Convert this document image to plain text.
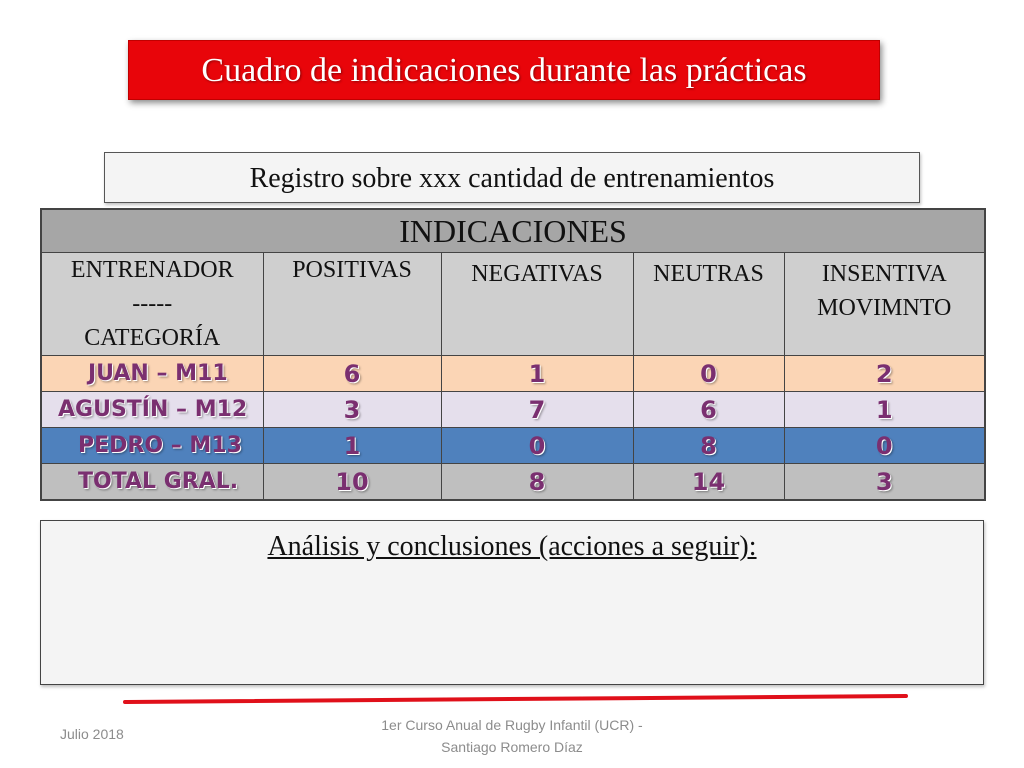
Cuadro de indicaciones durante las prácticas
Registro sobre xxx cantidad de entrenamientos
INDICACIONES				

ENTRENADOR
-----
CATEGORÍA	POSITIVAS	NEGATIVAS	NEUTRAS	INSENTIVA
MOVIMNTO

JUAN – M11	6	1	0	2
AGUSTÍN – M12	3	7	6	1
PEDRO – M13	1	0	8	0
TOTAL GRAL.	10	8	14	3
Análisis y conclusiones (acciones a seguir):
Julio 2018
1er Curso Anual de Rugby Infantil (UCR) -
Santiago Romero Díaz
